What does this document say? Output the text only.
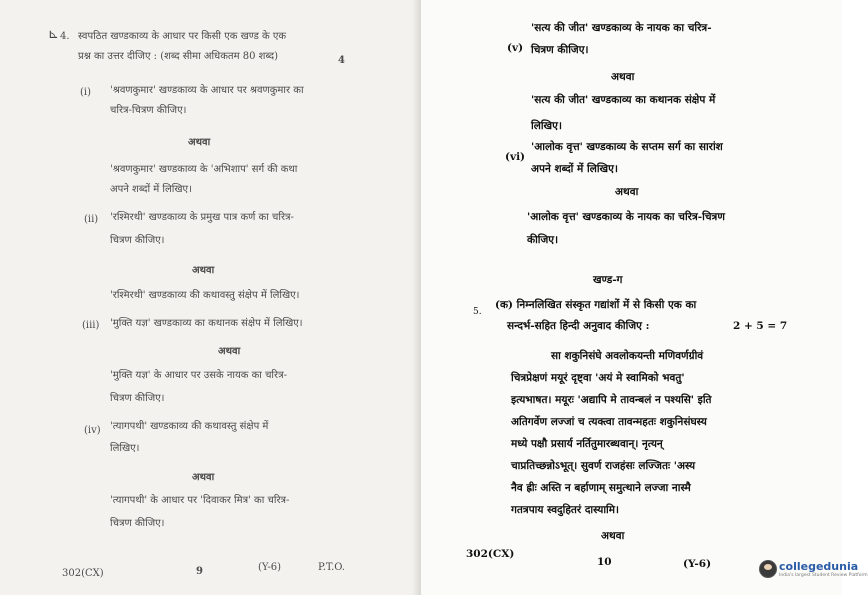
⊾ 4. स्वपठित खण्डकाव्य के आधार पर किसी एक खण्ड के एक
प्रश्न का उत्तर दीजिए : (शब्द सीमा अधिकतम 80 शब्द)	4
(i) 'श्रवणकुमार' खण्डकाव्य के आधार पर श्रवणकुमार का
चरित्र-चित्रण कीजिए।
अथवा
'श्रवणकुमार' खण्डकाव्य के 'अभिशाप' सर्ग की कथा
अपने शब्दों में लिखिए।
(ii) 'रश्मिरथी' खण्डकाव्य के प्रमुख पात्र कर्ण का चरित्र-
चित्रण कीजिए।
अथवा
'रश्मिरथी' खण्डकाव्य की कथावस्तु संक्षेप में लिखिए।
(iii) 'मुक्ति यज्ञ' खण्डकाव्य का कथानक संक्षेप में लिखिए।
अथवा
'मुक्ति यज्ञ' के आधार पर उसके नायक का चरित्र-
चित्रण कीजिए।
(iv) 'त्यागपथी' खण्डकाव्य की कथावस्तु संक्षेप में
लिखिए।
अथवा
'त्यागपथी' के आधार पर 'दिवाकर मित्र' का चरित्र-
चित्रण कीजिए।
302(CX)	9	(Y-6)	P.T.O.
(v)
'सत्य की जीत' खण्डकाव्य के नायक का चरित्र-
चित्रण कीजिए।
अथवा
'सत्य की जीत' खण्डकाव्य का कथानक संक्षेप में
लिखिए।
(vi)
'आलोक वृत्त' खण्डकाव्य के सप्तम सर्ग का सारांश
अपने शब्दों में लिखिए।
अथवा
'आलोक वृत्त' खण्डकाव्य के नायक का चरित्र-चित्रण
कीजिए।
खण्ड-ग
5.
(क) निम्नलिखित संस्कृत गद्यांशों में से किसी एक का
सन्दर्भ-सहित हिन्दी अनुवाद कीजिए :	2 + 5 = 7
सा शकुनिसंघे अवलोकयन्ती मणिवर्णग्रीवं
चित्रप्रेक्षणं मयूरं दृष्ट्वा 'अयं मे स्वामिको भवतु'
इत्यभाषत। मयूरः 'अद्यापि मे तावन्बलं न पश्यसि' इति
अतिगर्वेण लज्जां च त्यक्त्वा तावन्महतः शकुनिसंघस्य
मध्ये पक्षौ प्रसार्य नर्तितुमारब्धवान्। नृत्यन्
चाप्रतिच्छन्नोऽभूत्। सुवर्ण राजहंसः लज्जितः 'अस्य
नैव ह्रीः अस्ति न बर्हाणाम् समुत्थाने लज्जा नास्मै
गतत्रपाय स्वदुहितरं दास्यामि।
अथवा
302(CX)
10	(Y-6)	collegedunia
India's largest Student Review Platform
